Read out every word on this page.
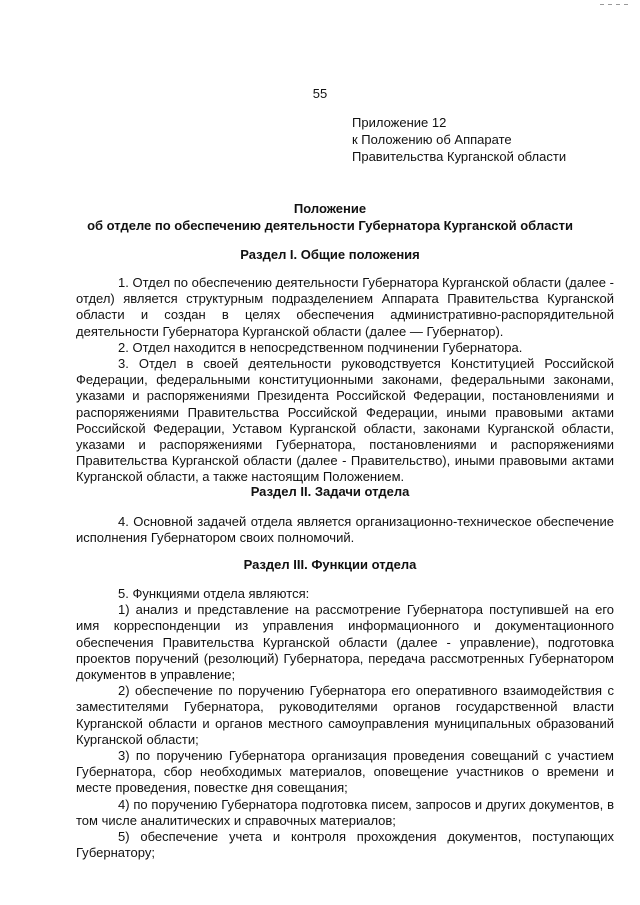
55
Приложение 12
к Положению об Аппарате
Правительства Курганской области
Положение
об отделе по обеспечению деятельности Губернатора Курганской области
Раздел I. Общие положения

1. Отдел по обеспечению деятельности Губернатора Курганской области (далее - отдел) является структурным подразделением Аппарата Правительства Курганской области и создан в целях обеспечения административно-распорядительной деятельности Губернатора Курганской области (далее — Губернатор).

2. Отдел находится в непосредственном подчинении Губернатора.

3. Отдел в своей деятельности руководствуется Конституцией Российской Федерации, федеральными конституционными законами, федеральными законами, указами и распоряжениями Президента Российской Федерации, постановлениями и распоряжениями Правительства Российской Федерации, иными правовыми актами Российской Федерации, Уставом Курганской области, законами Курганской области, указами и распоряжениями Губернатора, постановлениями и распоряжениями Правительства Курганской области (далее - Правительство), иными правовыми актами Курганской области, а также настоящим Положением.

Раздел II. Задачи отдела

4. Основной задачей отдела является организационно-техническое обеспечение исполнения Губернатором своих полномочий.

Раздел III. Функции отдела

5. Функциями отдела являются:

1) анализ и представление на рассмотрение Губернатора поступившей на его имя корреспонденции из управления информационного и документационного обеспечения Правительства Курганской области (далее - управление), подготовка проектов поручений (резолюций) Губернатора, передача рассмотренных Губернатором документов в управление;

2) обеспечение по поручению Губернатора его оперативного взаимодействия с заместителями Губернатора, руководителями органов государственной власти Курганской области и органов местного самоуправления муниципальных образований Курганской области;

3) по поручению Губернатора организация проведения совещаний с участием Губернатора, сбор необходимых материалов, оповещение участников о времени и месте проведения, повестке дня совещания;

4) по поручению Губернатора подготовка писем, запросов и других документов, в том числе аналитических и справочных материалов;

5) обеспечение учета и контроля прохождения документов, поступающих Губернатору;
